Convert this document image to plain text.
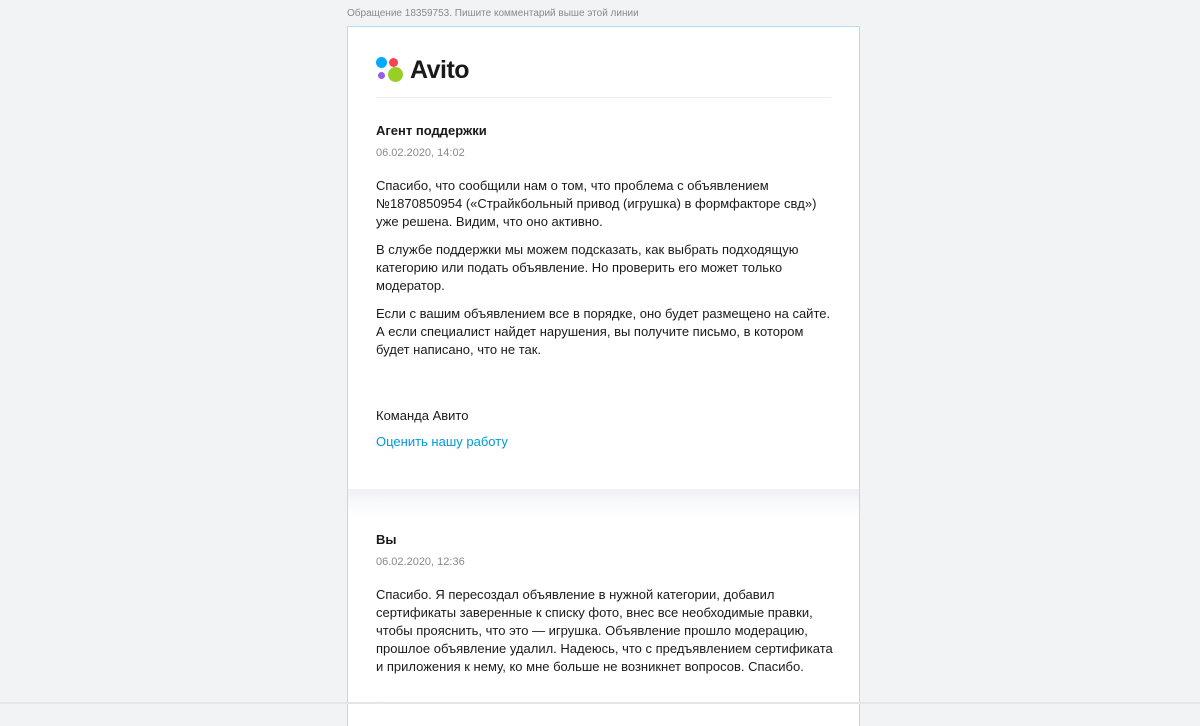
Обращение 18359753. Пишите комментарий выше этой линии
Avito
Агент поддержки
06.02.2020, 14:02

Спасибо, что сообщили нам о том, что проблема с объявлением №1870850954 («Страйкбольный привод (игрушка) в формфакторе свд») уже решена. Видим, что оно активно.

В службе поддержки мы можем подсказать, как выбрать подходящую категорию или подать объявление. Но проверить его может только модератор.

Если с вашим объявлением все в порядке, оно будет размещено на сайте. А если специалист найдет нарушения, вы получите письмо, в котором будет написано, что не так.

Команда Авито
Оценить нашу работу
Вы
06.02.2020, 12:36

Спасибо. Я пересоздал объявление в нужной категории, добавил сертификаты заверенные к списку фото, внес все необходимые правки, чтобы прояснить, что это — игрушка. Объявление прошло модерацию, прошлое объявление удалил. Надеюсь, что с предъявлением сертификата и приложения к нему, ко мне больше не возникнет вопросов. Спасибо.
